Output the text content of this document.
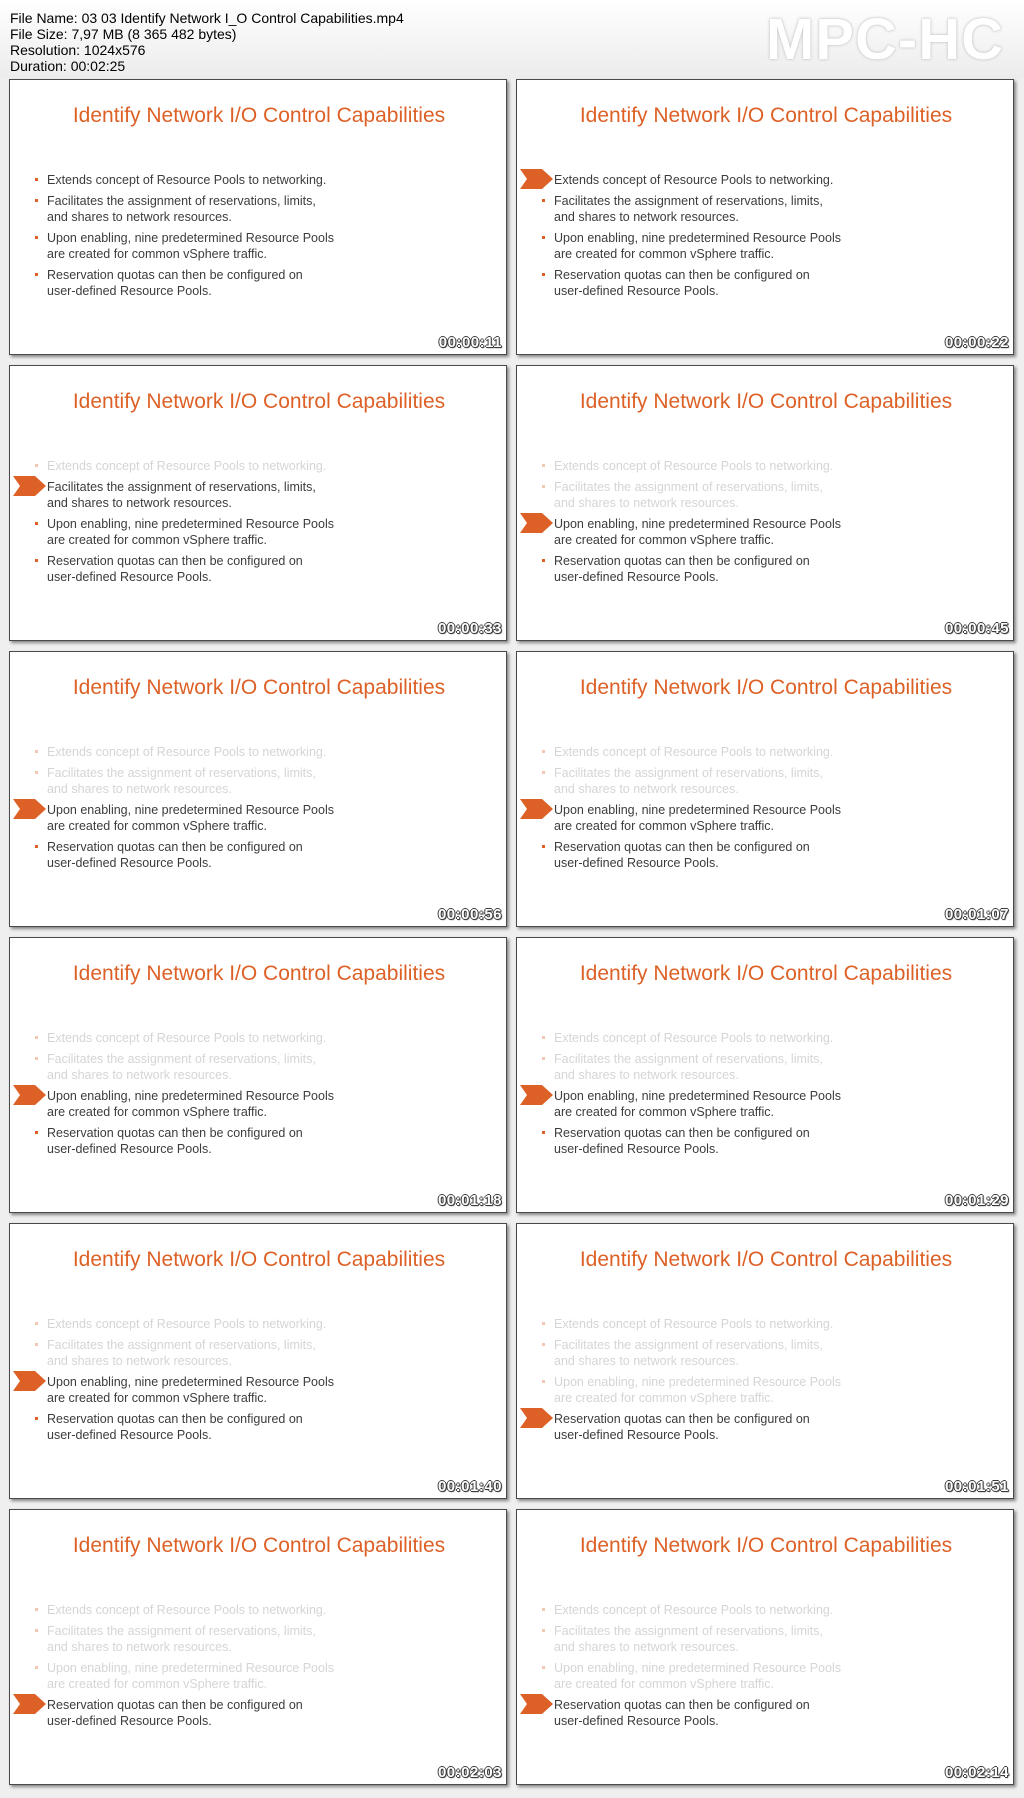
File Name: 03 03 Identify Network I_O Control Capabilities.mp4
File Size: 7,97 MB (8 365 482 bytes)
Resolution: 1024x576
Duration: 00:02:25	MPC-HC
Identify Network I/O Control Capabilities
Extends concept of Resource Pools to networking.
Facilitates the assignment of reservations, limits,
and shares to network resources.
Upon enabling, nine predetermined Resource Pools
are created for common vSphere traffic.
Reservation quotas can then be configured on
user-defined Resource Pools.
00:00:11
Identify Network I/O Control Capabilities
Extends concept of Resource Pools to networking.
Facilitates the assignment of reservations, limits,
and shares to network resources.
Upon enabling, nine predetermined Resource Pools
are created for common vSphere traffic.
Reservation quotas can then be configured on
user-defined Resource Pools.
00:00:22
Identify Network I/O Control Capabilities
Extends concept of Resource Pools to networking.
Facilitates the assignment of reservations, limits,
and shares to network resources.
Upon enabling, nine predetermined Resource Pools
are created for common vSphere traffic.
Reservation quotas can then be configured on
user-defined Resource Pools.
00:00:33
Identify Network I/O Control Capabilities
Extends concept of Resource Pools to networking.
Facilitates the assignment of reservations, limits,
and shares to network resources.
Upon enabling, nine predetermined Resource Pools
are created for common vSphere traffic.
Reservation quotas can then be configured on
user-defined Resource Pools.
00:00:45
Identify Network I/O Control Capabilities
Extends concept of Resource Pools to networking.
Facilitates the assignment of reservations, limits,
and shares to network resources.
Upon enabling, nine predetermined Resource Pools
are created for common vSphere traffic.
Reservation quotas can then be configured on
user-defined Resource Pools.
00:00:56
Identify Network I/O Control Capabilities
Extends concept of Resource Pools to networking.
Facilitates the assignment of reservations, limits,
and shares to network resources.
Upon enabling, nine predetermined Resource Pools
are created for common vSphere traffic.
Reservation quotas can then be configured on
user-defined Resource Pools.
00:01:07
Identify Network I/O Control Capabilities
Extends concept of Resource Pools to networking.
Facilitates the assignment of reservations, limits,
and shares to network resources.
Upon enabling, nine predetermined Resource Pools
are created for common vSphere traffic.
Reservation quotas can then be configured on
user-defined Resource Pools.
00:01:18
Identify Network I/O Control Capabilities
Extends concept of Resource Pools to networking.
Facilitates the assignment of reservations, limits,
and shares to network resources.
Upon enabling, nine predetermined Resource Pools
are created for common vSphere traffic.
Reservation quotas can then be configured on
user-defined Resource Pools.
00:01:29
Identify Network I/O Control Capabilities
Extends concept of Resource Pools to networking.
Facilitates the assignment of reservations, limits,
and shares to network resources.
Upon enabling, nine predetermined Resource Pools
are created for common vSphere traffic.
Reservation quotas can then be configured on
user-defined Resource Pools.
00:01:40
Identify Network I/O Control Capabilities
Extends concept of Resource Pools to networking.
Facilitates the assignment of reservations, limits,
and shares to network resources.
Upon enabling, nine predetermined Resource Pools
are created for common vSphere traffic.
Reservation quotas can then be configured on
user-defined Resource Pools.
00:01:51
Identify Network I/O Control Capabilities
Extends concept of Resource Pools to networking.
Facilitates the assignment of reservations, limits,
and shares to network resources.
Upon enabling, nine predetermined Resource Pools
are created for common vSphere traffic.
Reservation quotas can then be configured on
user-defined Resource Pools.
00:02:03
Identify Network I/O Control Capabilities
Extends concept of Resource Pools to networking.
Facilitates the assignment of reservations, limits,
and shares to network resources.
Upon enabling, nine predetermined Resource Pools
are created for common vSphere traffic.
Reservation quotas can then be configured on
user-defined Resource Pools.
00:02:14
